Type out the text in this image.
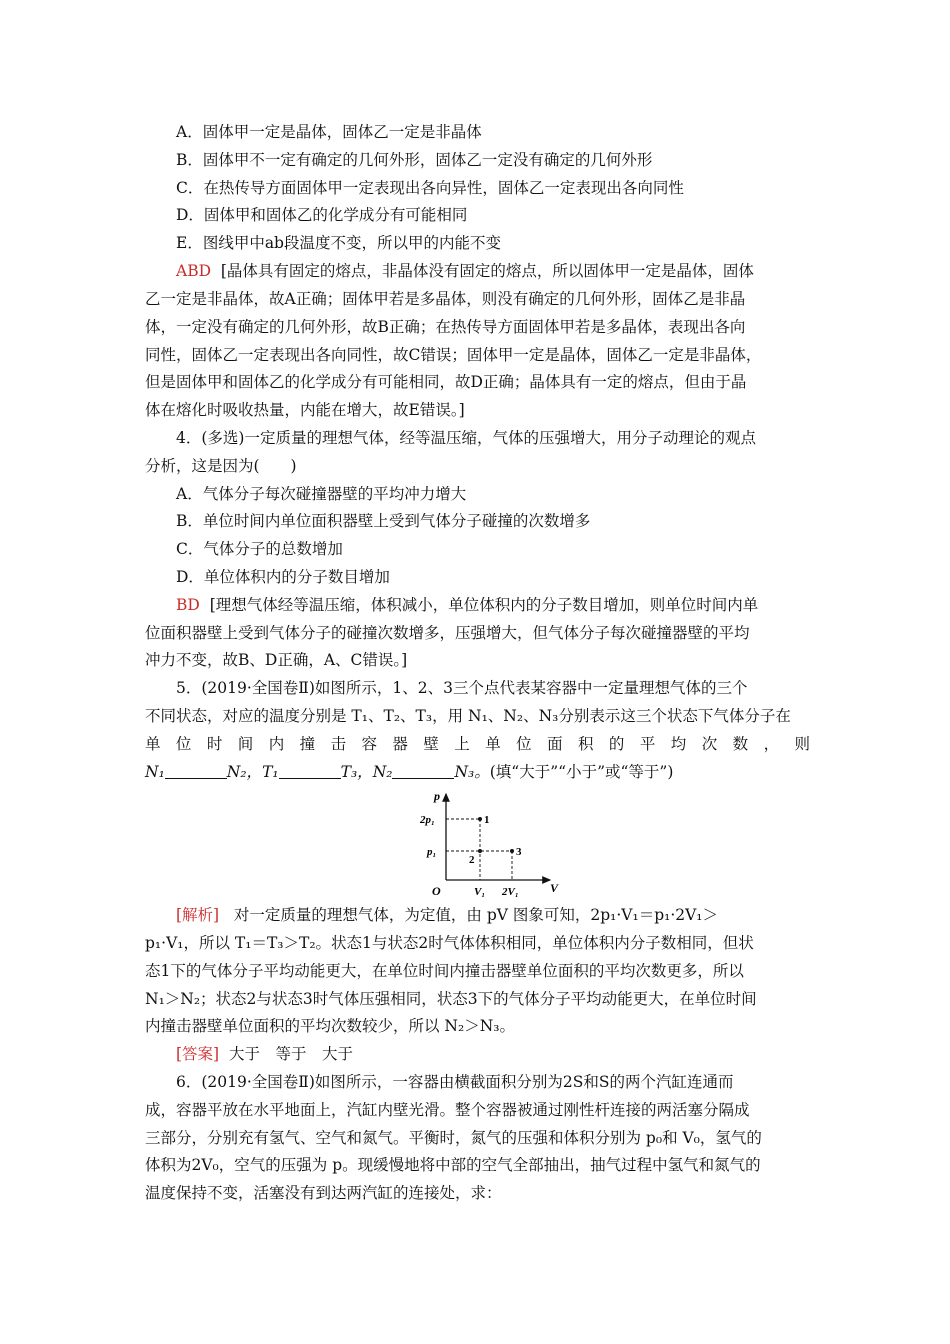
A．固体甲一定是晶体，固体乙一定是非晶体
B．固体甲不一定有确定的几何外形，固体乙一定没有确定的几何外形
C．在热传导方面固体甲一定表现出各向异性，固体乙一定表现出各向同性
D．固体甲和固体乙的化学成分有可能相同
E．图线甲中ab段温度不变，所以甲的内能不变
ABD [晶体具有固定的熔点，非晶体没有固定的熔点，所以固体甲一定是晶体，固体
乙一定是非晶体，故A正确；固体甲若是多晶体，则没有确定的几何外形，固体乙是非晶
体，一定没有确定的几何外形，故B正确；在热传导方面固体甲若是多晶体，表现出各向
同性，固体乙一定表现出各向同性，故C错误；固体甲一定是晶体，固体乙一定是非晶体，
但是固体甲和固体乙的化学成分有可能相同，故D正确；晶体具有一定的熔点，但由于晶
体在熔化时吸收热量，内能在增大，故E错误。]
4．(多选)一定质量的理想气体，经等温压缩，气体的压强增大，用分子动理论的观点
分析，这是因为(　　)
A．气体分子每次碰撞器壁的平均冲力增大
B．单位时间内单位面积器壁上受到气体分子碰撞的次数增多
C．气体分子的总数增加
D．单位体积内的分子数目增加
BD [理想气体经等温压缩，体积减小，单位体积内的分子数目增加，则单位时间内单
位面积器壁上受到气体分子的碰撞次数增多，压强增大，但气体分子每次碰撞器壁的平均
冲力不变，故B、D正确，A、C错误。]
5．(2019·全国卷Ⅱ)如图所示，1、2、3三个点代表某容器中一定量理想气体的三个
不同状态，对应的温度分别是 T₁、T₂、T₃，用 N₁、N₂、N₃分别表示这三个状态下气体分子在
单 位 时 间 内 撞 击 容 器 壁 上 单 位 面 积 的 平 均 次 数 ， 则
N₁	N₂，T₁	T₃，N₂	N₃。(填“大于”“小于”或“等于”)
p
V
O
2p₁
p₁
V₁ 2V₁
1
2
3
[解析] 对一定质量的理想气体，为定值，由 pV 图象可知，2p₁·V₁＝p₁·2V₁＞
p₁·V₁，所以 T₁＝T₃＞T₂。状态1与状态2时气体体积相同，单位体积内分子数相同，但状
态1下的气体分子平均动能更大，在单位时间内撞击器壁单位面积的平均次数更多，所以
N₁＞N₂；状态2与状态3时气体压强相同，状态3下的气体分子平均动能更大，在单位时间
内撞击器壁单位面积的平均次数较少，所以 N₂＞N₃。
[答案] 大于　等于　大于
6．(2019·全国卷Ⅱ)如图所示，一容器由横截面积分别为2S和S的两个汽缸连通而
成，容器平放在水平地面上，汽缸内壁光滑。整个容器被通过刚性杆连接的两活塞分隔成
三部分，分别充有氢气、空气和氮气。平衡时，氮气的压强和体积分别为 p₀和 V₀，氢气的
体积为2V₀，空气的压强为 p。现缓慢地将中部的空气全部抽出，抽气过程中氢气和氮气的
温度保持不变，活塞没有到达两汽缸的连接处，求：
